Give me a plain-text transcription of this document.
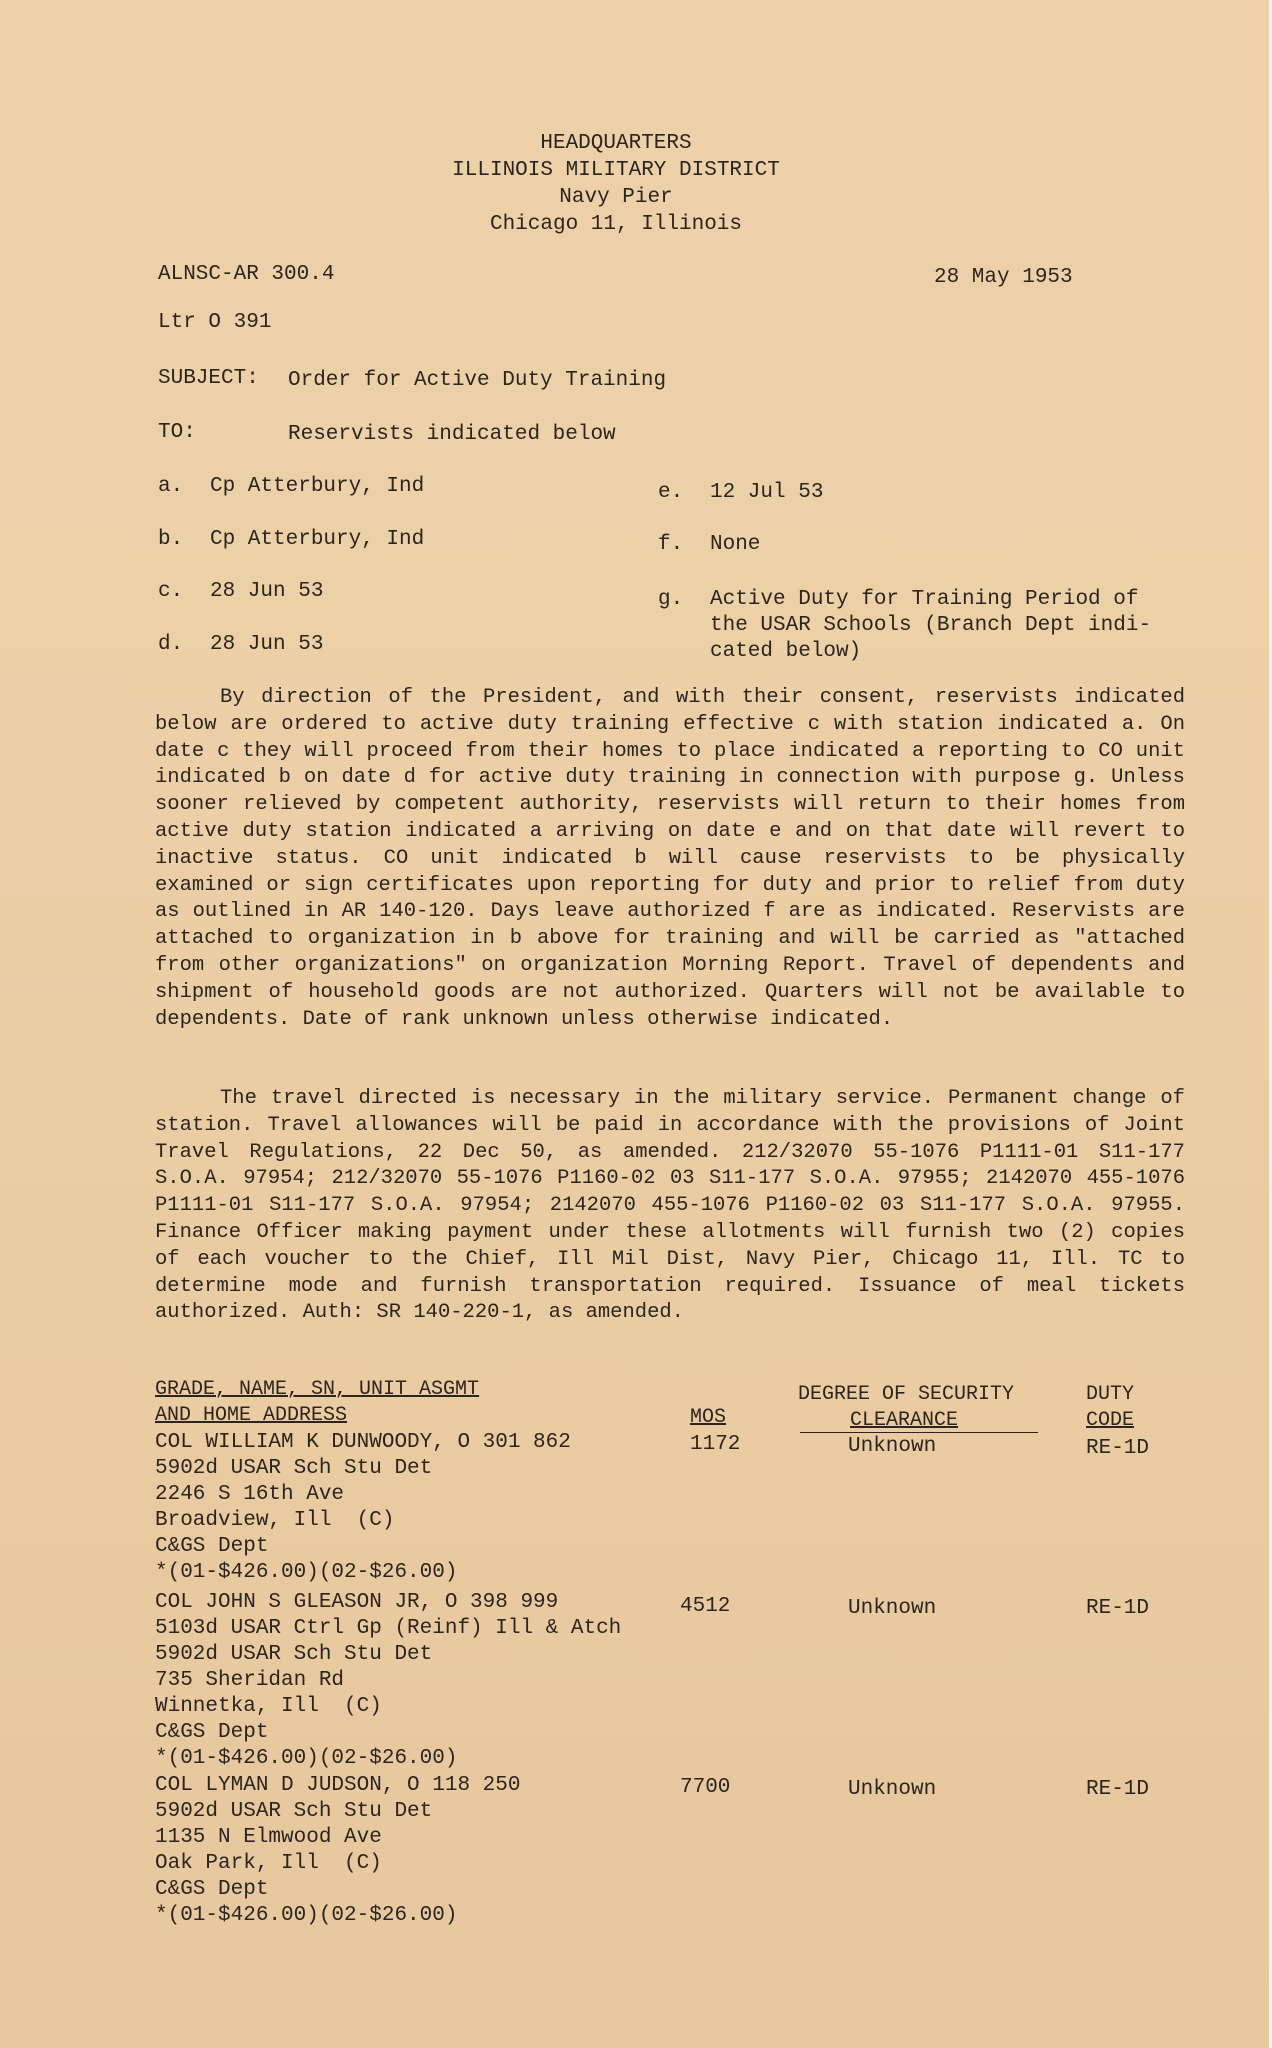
HEADQUARTERS
ILLINOIS MILITARY DISTRICT
Navy Pier
Chicago 11, Illinois
ALNSC-AR 300.4	28 May 1953
Ltr O 391
SUBJECT: Order for Active Duty Training
TO:	Reservists indicated below
a. Cp Atterbury, Ind
b. Cp Atterbury, Ind
c. 28 Jun 53
d. 28 Jun 53
e. 12 Jul 53
f. None
g. Active Duty for Training Period of
the USAR Schools (Branch Dept indi-
cated below)
By direction of the President, and with their consent, reservists indicated below are ordered to active duty training effective c with station indicated a. On date c they will proceed from their homes to place indicated a reporting to CO unit indicated b on date d for active duty training in connection with purpose g. Unless sooner relieved by competent authority, reservists will return to their homes from active duty station indicated a arriving on date e and on that date will revert to inactive status. CO unit indicated b will cause reservists to be physically examined or sign certificates upon reporting for duty and prior to relief from duty as outlined in AR 140-120. Days leave authorized f are as indicated. Reservists are attached to organization in b above for training and will be carried as "attached from other organizations" on organization Morning Report. Travel of dependents and shipment of household goods are not authorized. Quarters will not be available to dependents. Date of rank unknown unless otherwise indicated.
The travel directed is necessary in the military service. Permanent change of station. Travel allowances will be paid in accordance with the provisions of Joint Travel Regulations, 22 Dec 50, as amended. 212/32070 55-1076 P1111-01 S11-177 S.O.A. 97954; 212/32070 55-1076 P1160-02 03 S11-177 S.O.A. 97955; 2142070 455-1076 P1111-01 S11-177 S.O.A. 97954; 2142070 455-1076 P1160-02 03 S11-177 S.O.A. 97955. Finance Officer making payment under these allotments will furnish two (2) copies of each voucher to the Chief, Ill Mil Dist, Navy Pier, Chicago 11, Ill. TC to determine mode and furnish transportation required. Issuance of meal tickets authorized. Auth: SR 140-220-1, as amended.
GRADE, NAME, SN, UNIT ASGMT
AND HOME ADDRESS	MOS
DEGREE OF SECURITY
CLEARANCE
DUTY
CODE
COL WILLIAM K DUNWOODY, O 301 862
5902d USAR Sch Stu Det
2246 S 16th Ave
Broadview, Ill  (C)
C&GS Dept
*(01-$426.00)(02-$26.00)
1172	Unknown	RE-1D
COL JOHN S GLEASON JR, O 398 999
5103d USAR Ctrl Gp (Reinf) Ill & Atch
5902d USAR Sch Stu Det
735 Sheridan Rd
Winnetka, Ill  (C)
C&GS Dept
*(01-$426.00)(02-$26.00)
4512	Unknown	RE-1D
COL LYMAN D JUDSON, O 118 250
5902d USAR Sch Stu Det
1135 N Elmwood Ave
Oak Park, Ill  (C)
C&GS Dept
*(01-$426.00)(02-$26.00)
7700	Unknown	RE-1D
